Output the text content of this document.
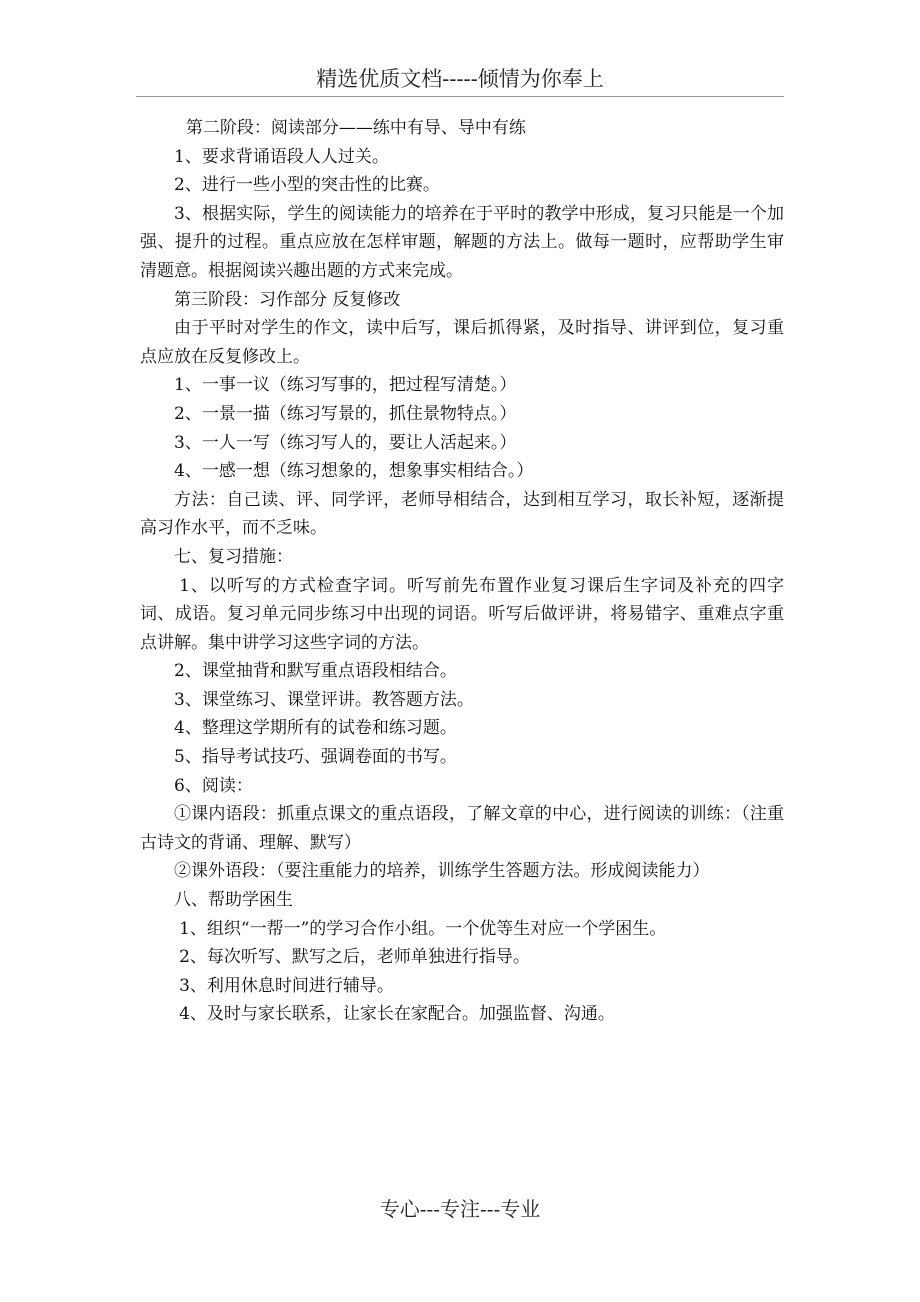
精选优质文档-----倾情为你奉上

第二阶段：阅读部分——练中有导、导中有练

1、要求背诵语段人人过关。

2、进行一些小型的突击性的比赛。

3、根据实际，学生的阅读能力的培养在于平时的教学中形成，复习只能是一个加强、提升的过程。重点应放在怎样审题，解题的方法上。做每一题时，应帮助学生审清题意。根据阅读兴趣出题的方式来完成。

第三阶段：习作部分 反复修改

由于平时对学生的作文，读中后写，课后抓得紧，及时指导、讲评到位，复习重点应放在反复修改上。

1、一事一议（练习写事的，把过程写清楚。）

2、一景一描（练习写景的，抓住景物特点。）

3、一人一写（练习写人的，要让人活起来。）

4、一感一想（练习想象的，想象事实相结合。）

方法：自己读、评、同学评，老师导相结合，达到相互学习，取长补短，逐渐提高习作水平，而不乏味。

七、复习措施：

1、以听写的方式检查字词。听写前先布置作业复习课后生字词及补充的四字词、成语。复习单元同步练习中出现的词语。听写后做评讲，将易错字、重难点字重点讲解。集中讲学习这些字词的方法。

2、课堂抽背和默写重点语段相结合。

3、课堂练习、课堂评讲。教答题方法。

4、整理这学期所有的试卷和练习题。

5、指导考试技巧、强调卷面的书写。

6、阅读：

①课内语段：抓重点课文的重点语段，了解文章的中心，进行阅读的训练：（注重古诗文的背诵、理解、默写）

②课外语段：（要注重能力的培养，训练学生答题方法。形成阅读能力）

八、帮助学困生

1、组织“一帮一”的学习合作小组。一个优等生对应一个学困生。

2、每次听写、默写之后，老师单独进行指导。

3、利用休息时间进行辅导。

4、及时与家长联系，让家长在家配合。加强监督、沟通。

专心---专注---专业
